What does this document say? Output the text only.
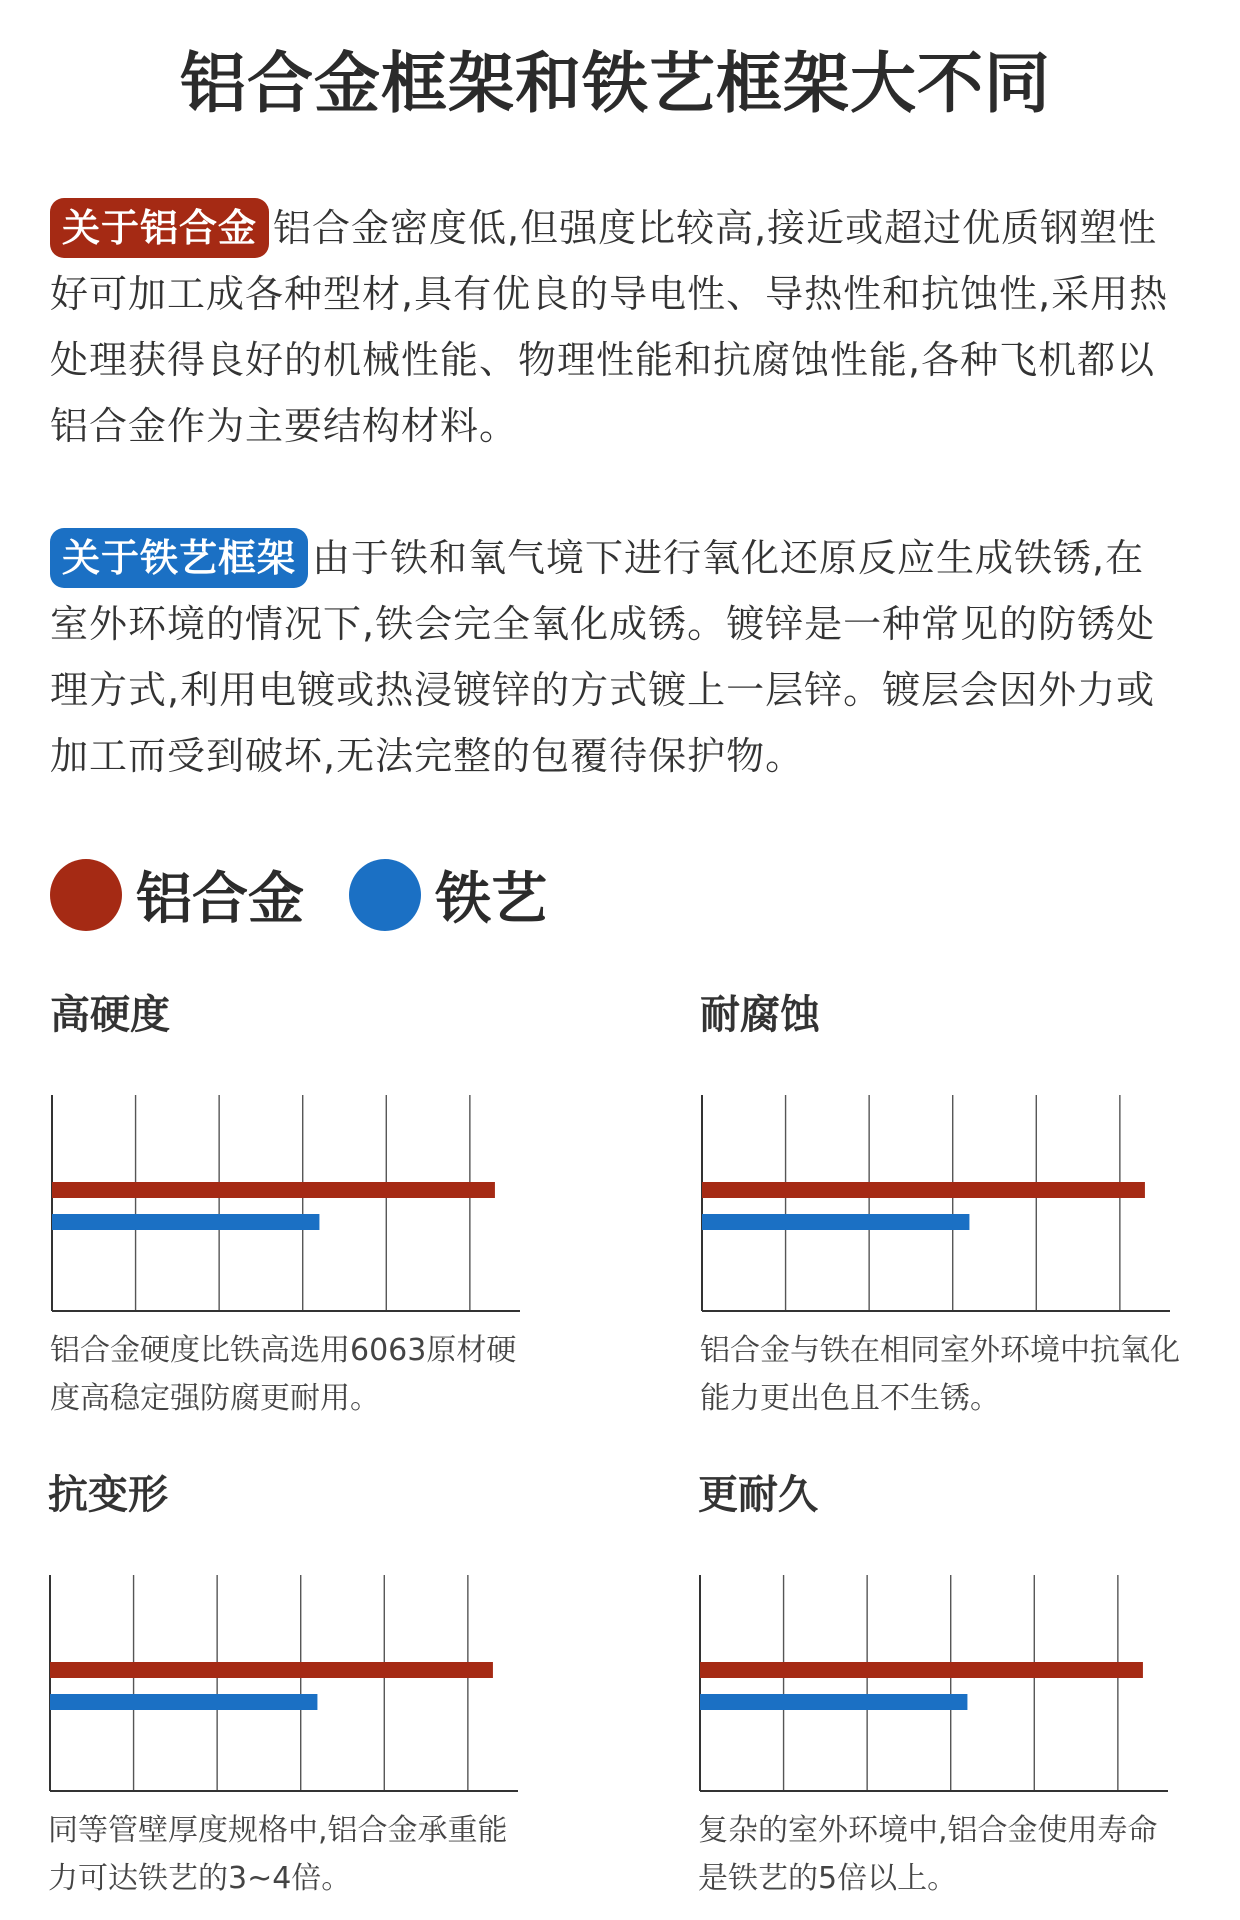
铝合金框架和铁艺框架大不同
关于铝合金 铝合金密度低,但强度比较高,接近或超过优质钢塑性好可加工成各种型材,具有优良的导电性、导热性和抗蚀性,采用热处理获得良好的机械性能、物理性能和抗腐蚀性能,各种飞机都以铝合金作为主要结构材料。
关于铁艺框架 由于铁和氧气境下进行氧化还原反应生成铁锈,在室外环境的情况下,铁会完全氧化成锈。镀锌是一种常见的防锈处理方式,利用电镀或热浸镀锌的方式镀上一层锌。镀层会因外力或加工而受到破坏,无法完整的包覆待保护物。
铝合金
铁艺
高硬度
铝合金硬度比铁高选用6063原材硬度高稳定强防腐更耐用。
耐腐蚀
铝合金与铁在相同室外环境中抗氧化能力更出色且不生锈。
抗变形
同等管壁厚度规格中,铝合金承重能力可达铁艺的3~4倍。
更耐久
复杂的室外环境中,铝合金使用寿命是铁艺的5倍以上。
